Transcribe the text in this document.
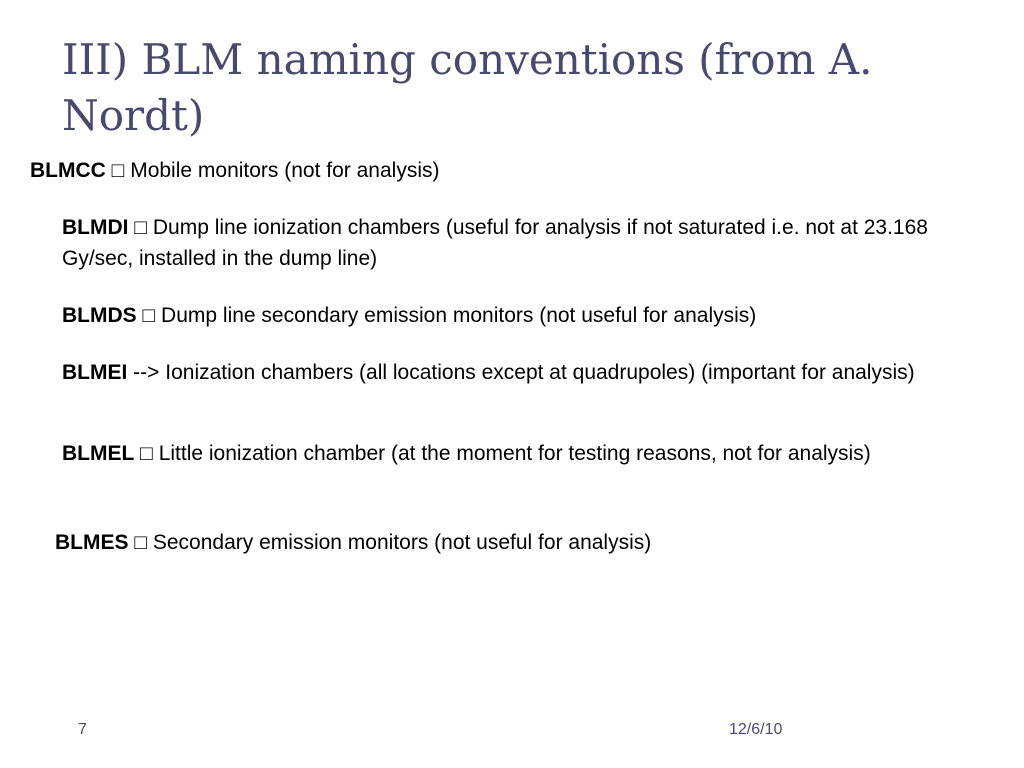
III) BLM naming conventions (from A. Nordt)
BLMCC □ Mobile monitors (not for analysis)
BLMDI □ Dump line ionization chambers (useful for analysis if not saturated i.e. not at 23.168 Gy/sec, installed in the dump line)
BLMDS □ Dump line secondary emission monitors (not useful for analysis)
BLMEI --> Ionization chambers (all locations except at quadrupoles) (important for analysis)
BLMEL □ Little ionization chamber (at the moment for testing reasons, not for analysis)
BLMES □ Secondary emission monitors (not useful for analysis)
7	12/6/10
